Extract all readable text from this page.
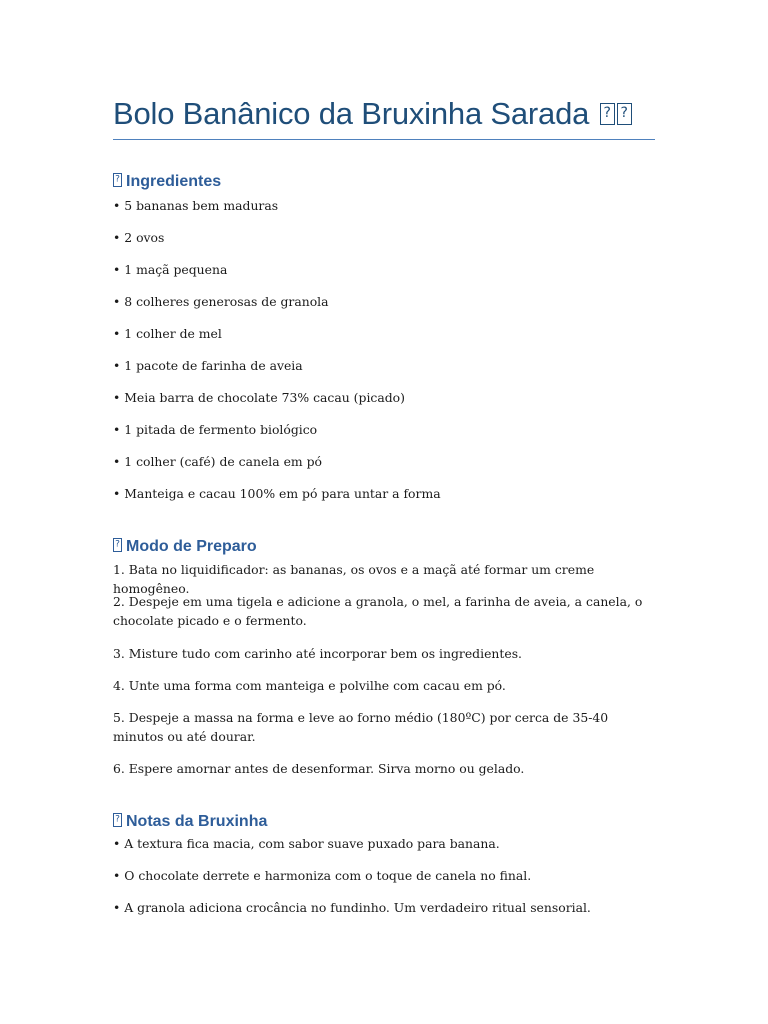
Bolo Banânico da Bruxinha Sarada ??
?Ingredientes
• 5 bananas bem maduras
• 2 ovos
• 1 maçã pequena
• 8 colheres generosas de granola
• 1 colher de mel
• 1 pacote de farinha de aveia
• Meia barra de chocolate 73% cacau (picado)
• 1 pitada de fermento biológico
• 1 colher (café) de canela em pó
• Manteiga e cacau 100% em pó para untar a forma
?Modo de Preparo
1. Bata no liquidificador: as bananas, os ovos e a maçã até formar um creme homogêneo.
2. Despeje em uma tigela e adicione a granola, o mel, a farinha de aveia, a canela, o chocolate picado e o fermento.
3. Misture tudo com carinho até incorporar bem os ingredientes.
4. Unte uma forma com manteiga e polvilhe com cacau em pó.
5. Despeje a massa na forma e leve ao forno médio (180ºC) por cerca de 35-40 minutos ou até dourar.
6. Espere amornar antes de desenformar. Sirva morno ou gelado.
?Notas da Bruxinha
• A textura fica macia, com sabor suave puxado para banana.
• O chocolate derrete e harmoniza com o toque de canela no final.
• A granola adiciona crocância no fundinho. Um verdadeiro ritual sensorial.
